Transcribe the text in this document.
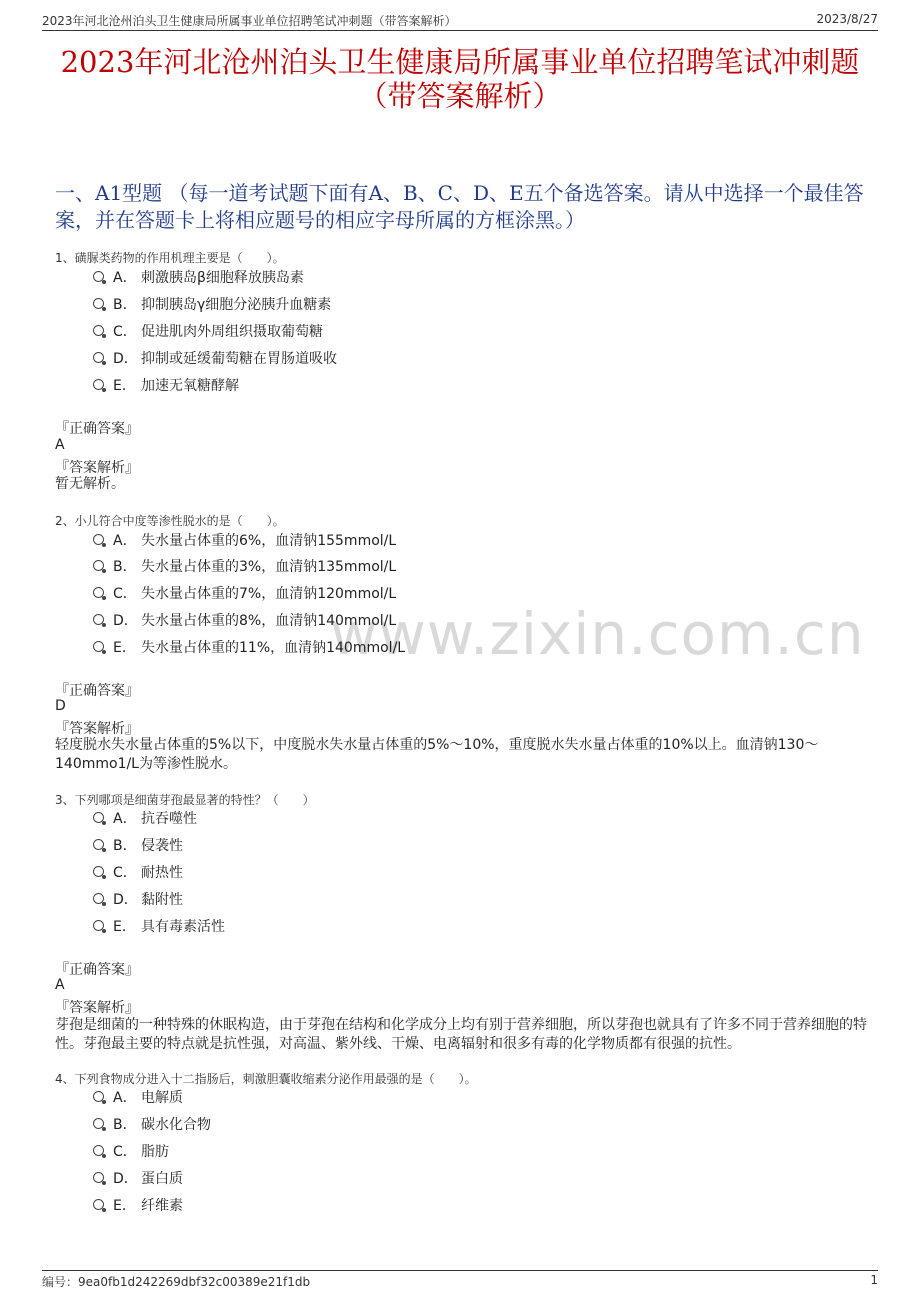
2023年河北沧州泊头卫生健康局所属事业单位招聘笔试冲刺题（带答案解析）	2023/8/27
2023年河北沧州泊头卫生健康局所属事业单位招聘笔试冲刺题
（带答案解析）
一、A1型题 （每一道考试题下面有A、B、C、D、E五个备选答案。请从中选择一个最佳答案，并在答题卡上将相应题号的相应字母所属的方框涂黑。）
www.zixin.com.cn
1、磺脲类药物的作用机理主要是（　　）。
A． 刺激胰岛β细胞释放胰岛素
B． 抑制胰岛γ细胞分泌胰升血糖素
C． 促进肌肉外周组织摄取葡萄糖
D． 抑制或延缓葡萄糖在胃肠道吸收
E． 加速无氧糖酵解
『正确答案』
A
『答案解析』
暂无解析。
2、小儿符合中度等渗性脱水的是（　　）。
A． 失水量占体重的6%，血清钠155mmol/L
B． 失水量占体重的3%，血清钠135mmol/L
C． 失水量占体重的7%，血清钠120mmol/L
D． 失水量占体重的8%，血清钠140mmol/L
E． 失水量占体重的11%，血清钠140mmol/L
『正确答案』
D
『答案解析』
轻度脱水失水量占体重的5%以下，中度脱水失水量占体重的5%～10%，重度脱水失水量占体重的10%以上。血清钠130～140mmo1/L为等渗性脱水。
3、下列哪项是细菌芽孢最显著的特性？（　　）
A． 抗吞噬性
B． 侵袭性
C． 耐热性
D． 黏附性
E． 具有毒素活性
『正确答案』
A
『答案解析』
芽孢是细菌的一种特殊的休眠构造，由于芽孢在结构和化学成分上均有别于营养细胞，所以芽孢也就具有了许多不同于营养细胞的特性。芽孢最主要的特点就是抗性强，对高温、紫外线、干燥、电离辐射和很多有毒的化学物质都有很强的抗性。
4、下列食物成分进入十二指肠后，刺激胆囊收缩素分泌作用最强的是（　　）。
A． 电解质
B． 碳水化合物
C． 脂肪
D． 蛋白质
E． 纤维素
编号：9ea0fb1d242269dbf32c00389e21f1db	1
